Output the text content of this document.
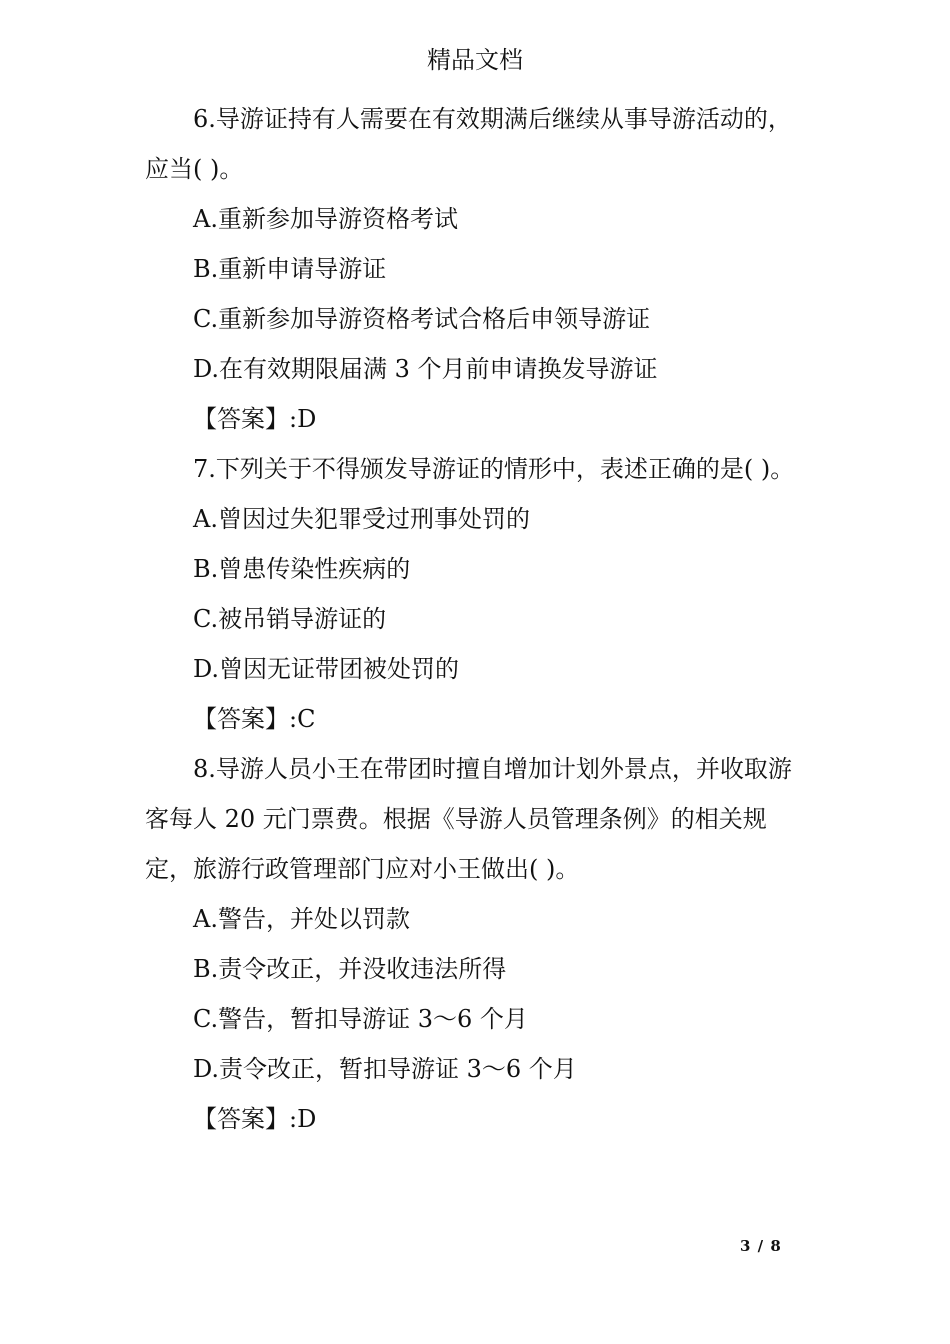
精品文档

6.导游证持有人需要在有效期满后继续从事导游活动的，应当( )。

A.重新参加导游资格考试

B.重新申请导游证

C.重新参加导游资格考试合格后申领导游证

D.在有效期限届满 3 个月前申请换发导游证

【答案】:D

7.下列关于不得颁发导游证的情形中，表述正确的是( )。

A.曾因过失犯罪受过刑事处罚的

B.曾患传染性疾病的

C.被吊销导游证的

D.曾因无证带团被处罚的

【答案】:C

8.导游人员小王在带团时擅自增加计划外景点，并收取游客每人 20 元门票费。根据《导游人员管理条例》的相关规定，旅游行政管理部门应对小王做出( )。

A.警告，并处以罚款

B.责令改正，并没收违法所得

C.警告，暂扣导游证 3～6 个月

D.责令改正，暂扣导游证 3～6 个月

【答案】:D

3 / 8
